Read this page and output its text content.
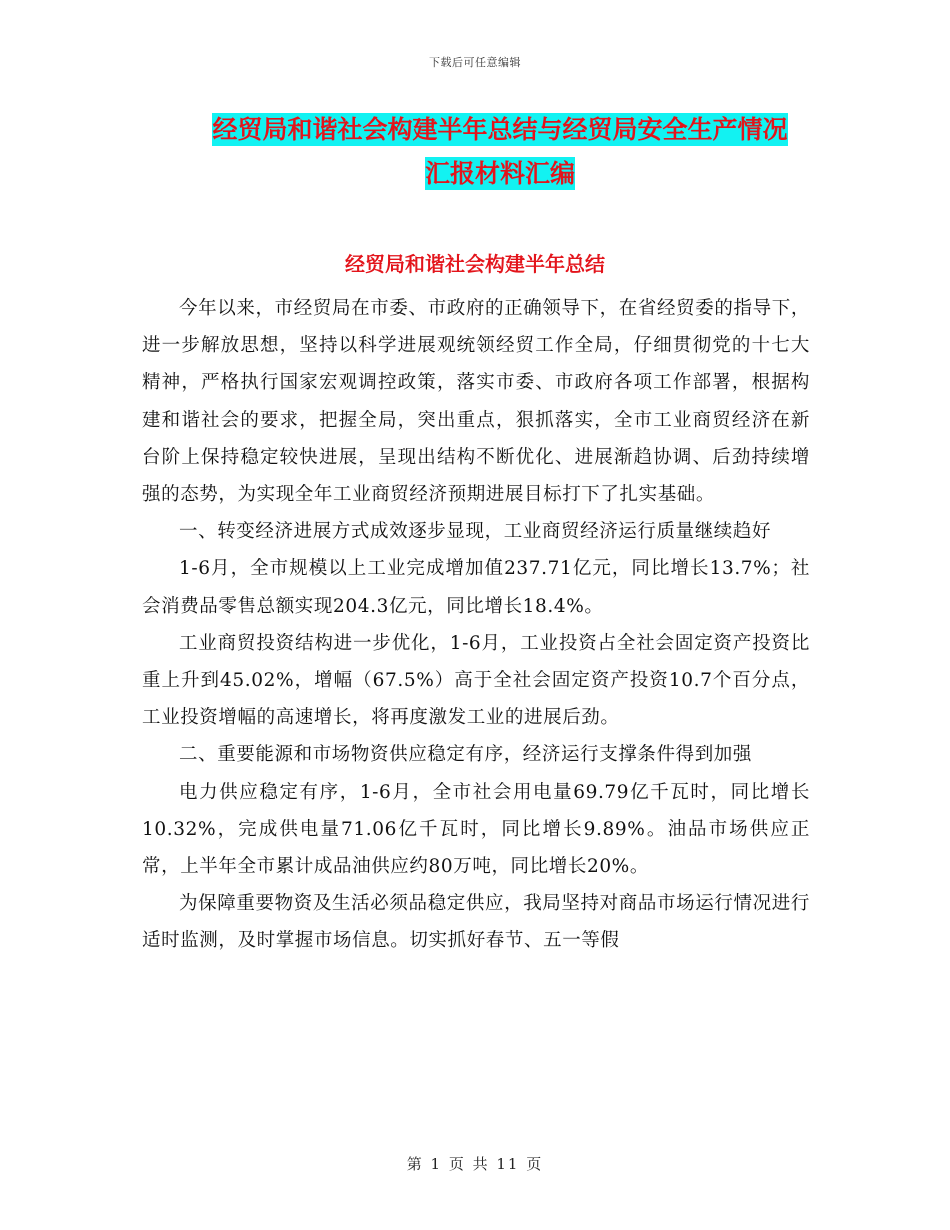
下载后可任意编辑
经贸局和谐社会构建半年总结与经贸局安全生产情况
汇报材料汇编
经贸局和谐社会构建半年总结

今年以来，市经贸局在市委、市政府的正确领导下，在省经贸委的指导下，进一步解放思想，坚持以科学进展观统领经贸工作全局，仔细贯彻党的十七大精神，严格执行国家宏观调控政策，落实市委、市政府各项工作部署，根据构建和谐社会的要求，把握全局，突出重点，狠抓落实，全市工业商贸经济在新台阶上保持稳定较快进展，呈现出结构不断优化、进展渐趋协调、后劲持续增强的态势，为实现全年工业商贸经济预期进展目标打下了扎实基础。

一、转变经济进展方式成效逐步显现，工业商贸经济运行质量继续趋好

1-6月，全市规模以上工业完成增加值237.71亿元，同比增长13.7%；社会消费品零售总额实现204.3亿元，同比增长18.4%。

工业商贸投资结构进一步优化，1-6月，工业投资占全社会固定资产投资比重上升到45.02%，增幅（67.5%）高于全社会固定资产投资10.7个百分点，工业投资增幅的高速增长，将再度激发工业的进展后劲。

二、重要能源和市场物资供应稳定有序，经济运行支撑条件得到加强

电力供应稳定有序，1-6月，全市社会用电量69.79亿千瓦时，同比增长10.32%，完成供电量71.06亿千瓦时，同比增长9.89%。油品市场供应正常，上半年全市累计成品油供应约80万吨，同比增长20%。

为保障重要物资及生活必须品稳定供应，我局坚持对商品市场运行情况进行适时监测，及时掌握市场信息。切实抓好春节、五一等假

第 1 页 共 11 页
